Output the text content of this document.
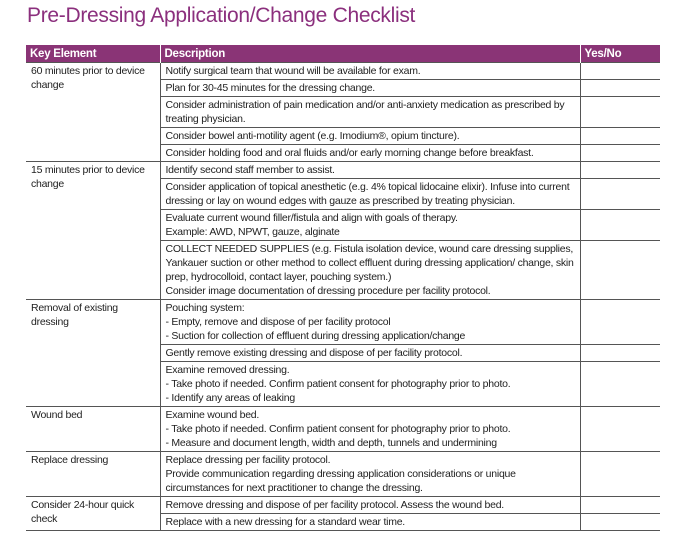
Pre-Dressing Application/Change Checklist
Key Element	Description	Yes/No
60 minutes prior to device change	Notify surgical team that wound will be available for exam.	

	Plan for 30-45 minutes for the dressing change.	

	Consider administration of pain medication and/or anti-anxiety medication as prescribed by treating physician.	

	Consider bowel anti-motility agent (e.g. Imodium®, opium tincture).	

	Consider holding food and oral fluids and/or early morning change before breakfast.	

15 minutes prior to device change	Identify second staff member to assist.	

	Consider application of topical anesthetic (e.g. 4% topical lidocaine elixir). Infuse into current dressing or lay on wound edges with gauze as prescribed by treating physician.	

	Evaluate current wound filler/fistula and align with goals of therapy.
Example: AWD, NPWT, gauze, alginate	

	COLLECT NEEDED SUPPLIES (e.g. Fistula isolation device, wound care dressing supplies, Yankauer suction or other method to collect effluent during dressing application/ change, skin prep, hydrocolloid, contact layer, pouching system.)
Consider image documentation of dressing procedure per facility protocol.	

Removal of existing dressing	Pouching system:
- Empty, remove and dispose of per facility protocol
- Suction for collection of effluent during dressing application/change	

	Gently remove existing dressing and dispose of per facility protocol.	

	Examine removed dressing.
- Take photo if needed. Confirm patient consent for photography prior to photo.
- Identify any areas of leaking	

Wound bed	Examine wound bed.
- Take photo if needed. Confirm patient consent for photography prior to photo.
- Measure and document length, width and depth, tunnels and undermining	

Replace dressing	Replace dressing per facility protocol.
Provide communication regarding dressing application considerations or unique circumstances for next practitioner to change the dressing.	

Consider 24-hour quick check	Remove dressing and dispose of per facility protocol. Assess the wound bed.	

	Replace with a new dressing for a standard wear time.	
